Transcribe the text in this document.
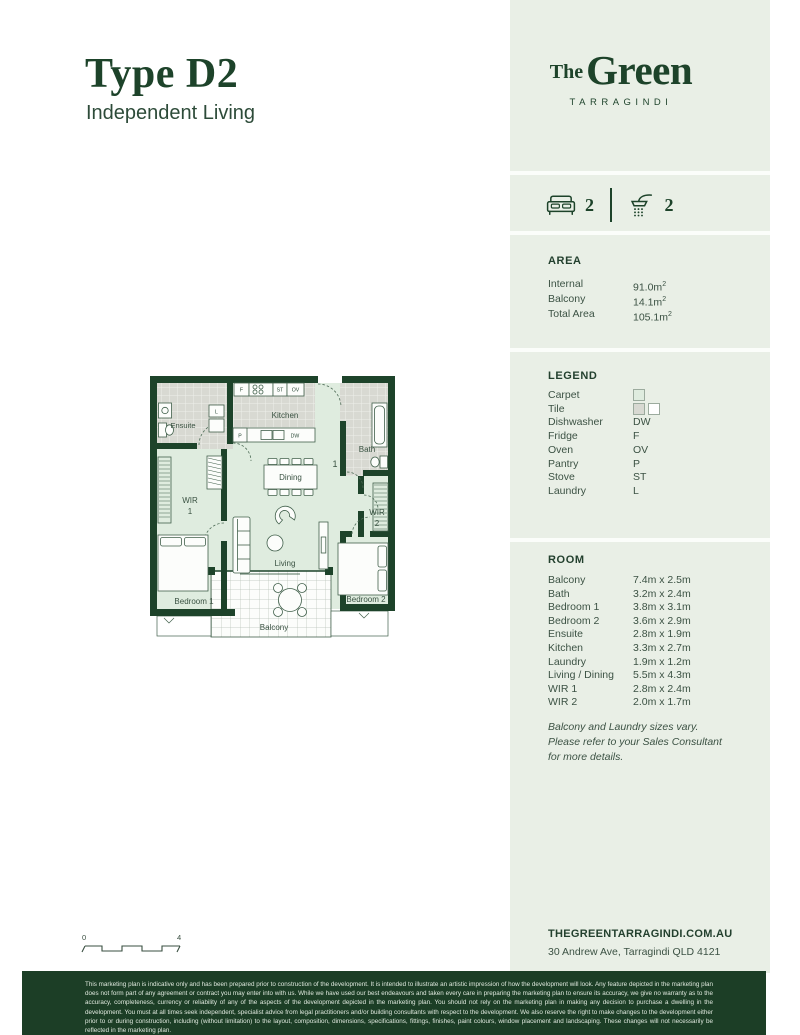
Type D2
Independent Living
TheGreen
TARRAGINDI
2	2
AREA
Internal	$91.0m^2$
Balcony	$14.1m^2$
Total Area	$105.1m^2$
LEGEND
Carpet
Tile
Dishwasher	DW
Fridge	F
Oven	OV
Pantry	P
Stove	ST
Laundry	L
ROOM
Balcony	7.4m x 2.5m
Bath	3.2m x 2.4m
Bedroom 1	3.8m x 3.1m
Bedroom 2	3.6m x 2.9m
Ensuite	2.8m x 1.9m
Kitchen	3.3m x 2.7m
Laundry	1.9m x 1.2m
Living / Dining 5.5m x 4.3m
WIR 1	2.8m x 2.4m
WIR 2	2.0m x 1.7m
Balcony and Laundry sizes vary.
Please refer to your Sales Consultant
for more details.
THEGREENTARRAGINDI.COM.AU
30 Andrew Ave, Tarragindi QLD 4121
Ensuite
Kitchen
Bath
WIR
1	WIR
2
Dining
Living
Bedroom 1	Bedroom 2
Balcony
1
F	ST OV
P	DW
L
0	4

This marketing plan is indicative only and has been prepared prior to construction of the development. It is intended to illustrate an artistic impression of how the development will look. Any feature depicted in the marketing plan does not form part of any agreement or contract you may enter into with us. While we have used our best endeavours and taken every care in preparing the marketing plan to ensure its accuracy, we give no warranty as to the accuracy, completeness, currency or reliability of any of the aspects of the development depicted in the marketing plan. You should not rely on the marketing plan in making any decision to purchase a dwelling in the development. You must at all times seek independent, specialist advice from legal practitioners and/or building consultants with respect to the development. We also reserve the right to make changes to the development either prior to or during construction, including (without limitation) to the layout, composition, dimensions, specifications, fittings, finishes, paint colours, window placement and landscaping. These changes will not necessarily be reflected in the marketing plan.
